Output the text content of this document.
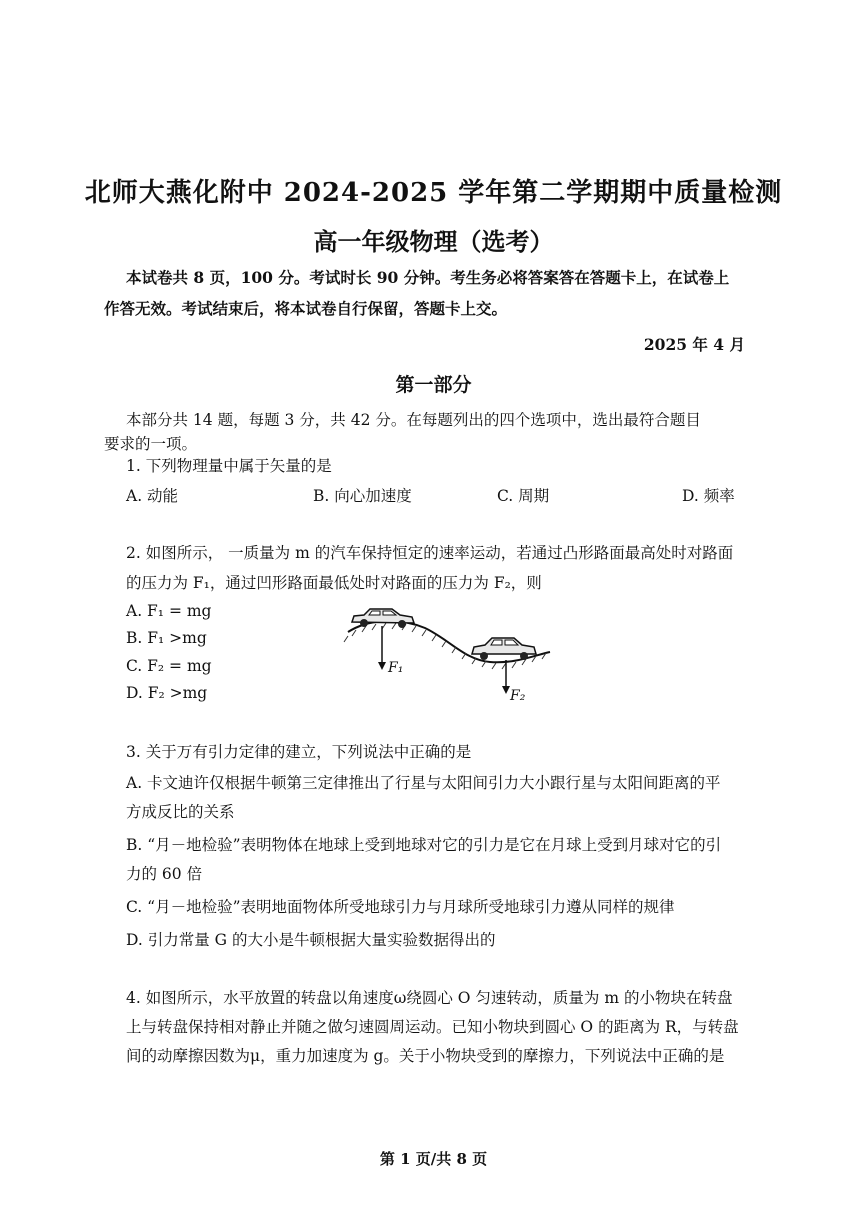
北师大燕化附中 2024-2025 学年第二学期期中质量检测
高一年级物理（选考）
本试卷共 8 页，100 分。考试时长 90 分钟。考生务必将答案答在答题卡上，在试卷上
作答无效。考试结束后，将本试卷自行保留，答题卡上交。
2025 年 4 月
第一部分
本部分共 14 题，每题 3 分，共 42 分。在每题列出的四个选项中，选出最符合题目
要求的一项。
1. 下列物理量中属于矢量的是
A. 动能	B. 向心加速度	C. 周期	D. 频率
2. 如图所示， 一质量为 m 的汽车保持恒定的速率运动，若通过凸形路面最高处时对路面
的压力为 F₁，通过凹形路面最低处时对路面的压力为 F₂，则
A. F₁ = mg
B. F₁ >mg
C. F₂ = mg
D. F₂ >mg
F₁
F₂
3. 关于万有引力定律的建立，下列说法中正确的是
A. 卡文迪许仅根据牛顿第三定律推出了行星与太阳间引力大小跟行星与太阳间距离的平
方成反比的关系
B. “月－地检验”表明物体在地球上受到地球对它的引力是它在月球上受到月球对它的引
力的 60 倍
C. “月－地检验”表明地面物体所受地球引力与月球所受地球引力遵从同样的规律
D. 引力常量 G 的大小是牛顿根据大量实验数据得出的
4. 如图所示，水平放置的转盘以角速度ω绕圆心 O 匀速转动，质量为 m 的小物块在转盘
上与转盘保持相对静止并随之做匀速圆周运动。已知小物块到圆心 O 的距离为 R，与转盘
间的动摩擦因数为μ，重力加速度为 g。关于小物块受到的摩擦力，下列说法中正确的是
第 1 页/共 8 页
